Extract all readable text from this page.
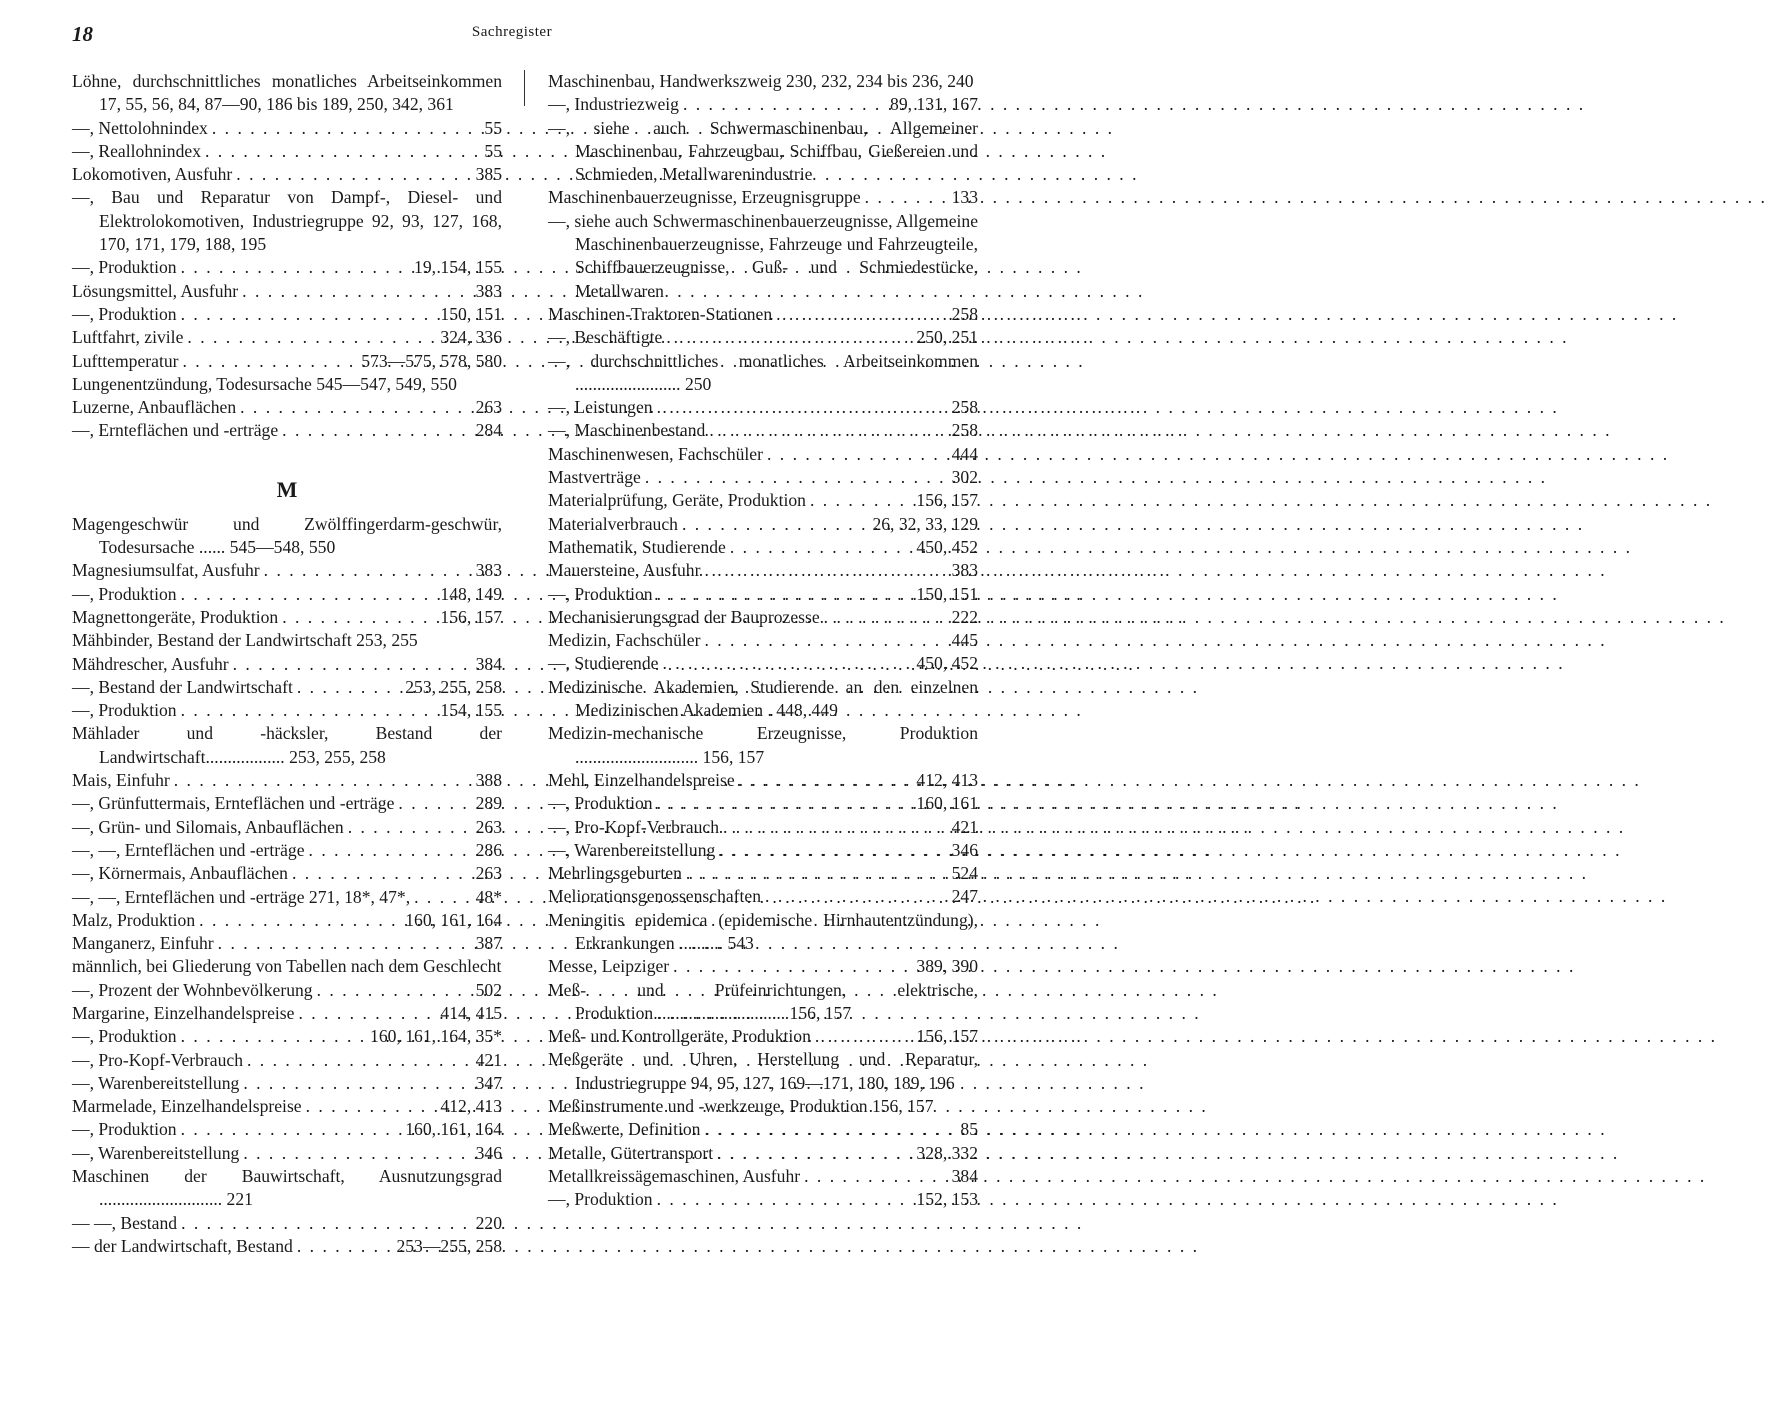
18	Sachregister
Löhne, durchschnittliches monatliches Arbeitseinkommen 17, 55, 56, 84, 87—90, 186 bis 189, 250, 342, 361
—, Nettolohnindex . . .	55
—, Reallohnindex . . .	55
Lokomotiven, Ausfuhr . . .	385
—, Bau und Reparatur von Dampf-, Diesel- und Elektrolokomotiven, Industriegruppe 92, 93, 127, 168, 170, 171, 179, 188, 195
—, Produktion . . .	19, 154, 155
Lösungsmittel, Ausfuhr . . .	383
—, Produktion . . .	150, 151
Luftfahrt, zivile . . .	324, 336
Lufttemperatur . . .	573—575, 578, 580
Lungenentzündung, Todesursache 545—547, 549, 550
Luzerne, Anbauflächen . . .	263
—, Ernteflächen und -erträge . . .	284
M
Magengeschwür und Zwölffingerdarm-geschwür, Todesursache ...... 545—548, 550
Magnesiumsulfat, Ausfuhr . . .	383
—, Produktion . . .	148, 149
Magnettongeräte, Produktion . . .	156, 157
Mähbinder, Bestand der Landwirtschaft 253, 255
Mähdrescher, Ausfuhr . . .	384
—, Bestand der Landwirtschaft . . .	253, 255, 258
—, Produktion . . .	154, 155
Mählader und -häcksler, Bestand der Landwirtschaft.................. 253, 255, 258
Mais, Einfuhr . . .	388
—, Grünfuttermais, Ernteflächen und -erträge . . .	289
—, Grün- und Silomais, Anbauflächen . . .	263
—, —, Ernteflächen und -erträge . . .	286
—, Körnermais, Anbauflächen . . .	263
—, —, Ernteflächen und -erträge 271, 18*, 47*, . . .	48*
Malz, Produktion . . .	160, 161, 164
Manganerz, Einfuhr . . .	387
männlich, bei Gliederung von Tabellen nach dem Geschlecht
—, Prozent der Wohnbevölkerung . . .	502
Margarine, Einzelhandelspreise . . .	414, 415
—, Produktion . . .	160, 161, 164, 35*
—, Pro-Kopf-Verbrauch . . .	421
—, Warenbereitstellung . . .	347
Marmelade, Einzelhandelspreise . . .	412, 413
—, Produktion . . .	160, 161, 164
—, Warenbereitstellung . . .	346
Maschinen der Bauwirtschaft, Ausnutzungsgrad ............................ 221
— —, Bestand . . .	220
— der Landwirtschaft, Bestand . . .	253—255, 258
Maschinenbau, Handwerkszweig 230, 232, 234 bis 236, 240
—, Industriezweig . . .	89, 131, 167
—, siehe auch Schwermaschinenbau, Allgemeiner Maschinenbau, Fahrzeugbau, Schiffbau, Gießereien und Schmieden, Metallwarenindustrie
Maschinenbauerzeugnisse, Erzeugnisgruppe . . .	133
—, siehe auch Schwermaschinenbauerzeugnisse, Allgemeine Maschinenbauerzeugnisse, Fahrzeuge und Fahrzeugteile, Schiffbauerzeugnisse, Guß- und Schmiedestücke, Metallwaren
Maschinen-Traktoren-Stationen . . .	258
—, Beschäftigte . . .	250, 251
—, durchschnittliches monatliches Arbeitseinkommen ........................ 250
—, Leistungen . . .	258
—, Maschinenbestand . . .	258
Maschinenwesen, Fachschüler . . .	444
Mastverträge . . .	302
Materialprüfung, Geräte, Produktion . . .	156, 157
Materialverbrauch . . .	26, 32, 33, 129
Mathematik, Studierende . . .	450, 452
Mauersteine, Ausfuhr . . .	383
—, Produktion . . .	150, 151
Mechanisierungsgrad der Bauprozesse . . .	222
Medizin, Fachschüler . . .	445
—, Studierende . . .	450, 452
Medizinische Akademien, Studierende an den einzelnen Medizinischen Akademien . 448, 449
Medizin-mechanische Erzeugnisse, Produktion ............................ 156, 157
Mehl, Einzelhandelspreise . . .	412, 413
—, Produktion . . .	160, 161
—, Pro-Kopf-Verbrauch . . .	421
—, Warenbereitstellung . . .	346
Mehrlingsgeburten . . .	524
Meliorationsgenossenschaften . . .	247
Meningitis epidemica (epidemische Hirnhautentzündung), Erkrankungen .......... 543
Messe, Leipziger . . .	389, 390
Meß- und Prüfeinrichtungen, elektrische, Produktion.............................. 156, 157
Meß- und Kontrollgeräte, Produktion . . .	156, 157
Meßgeräte und Uhren, Herstellung und Reparatur, Industriegruppe 94, 95, 127, 169—171, 180, 189, 196
Meßinstrumente und -werkzeuge, Produktion 156, 157
Meßwerte, Definition . . .	85
Metalle, Gütertransport . . .	328, 332
Metallkreissägemaschinen, Ausfuhr . . .	384
—, Produktion . . .	152, 153
